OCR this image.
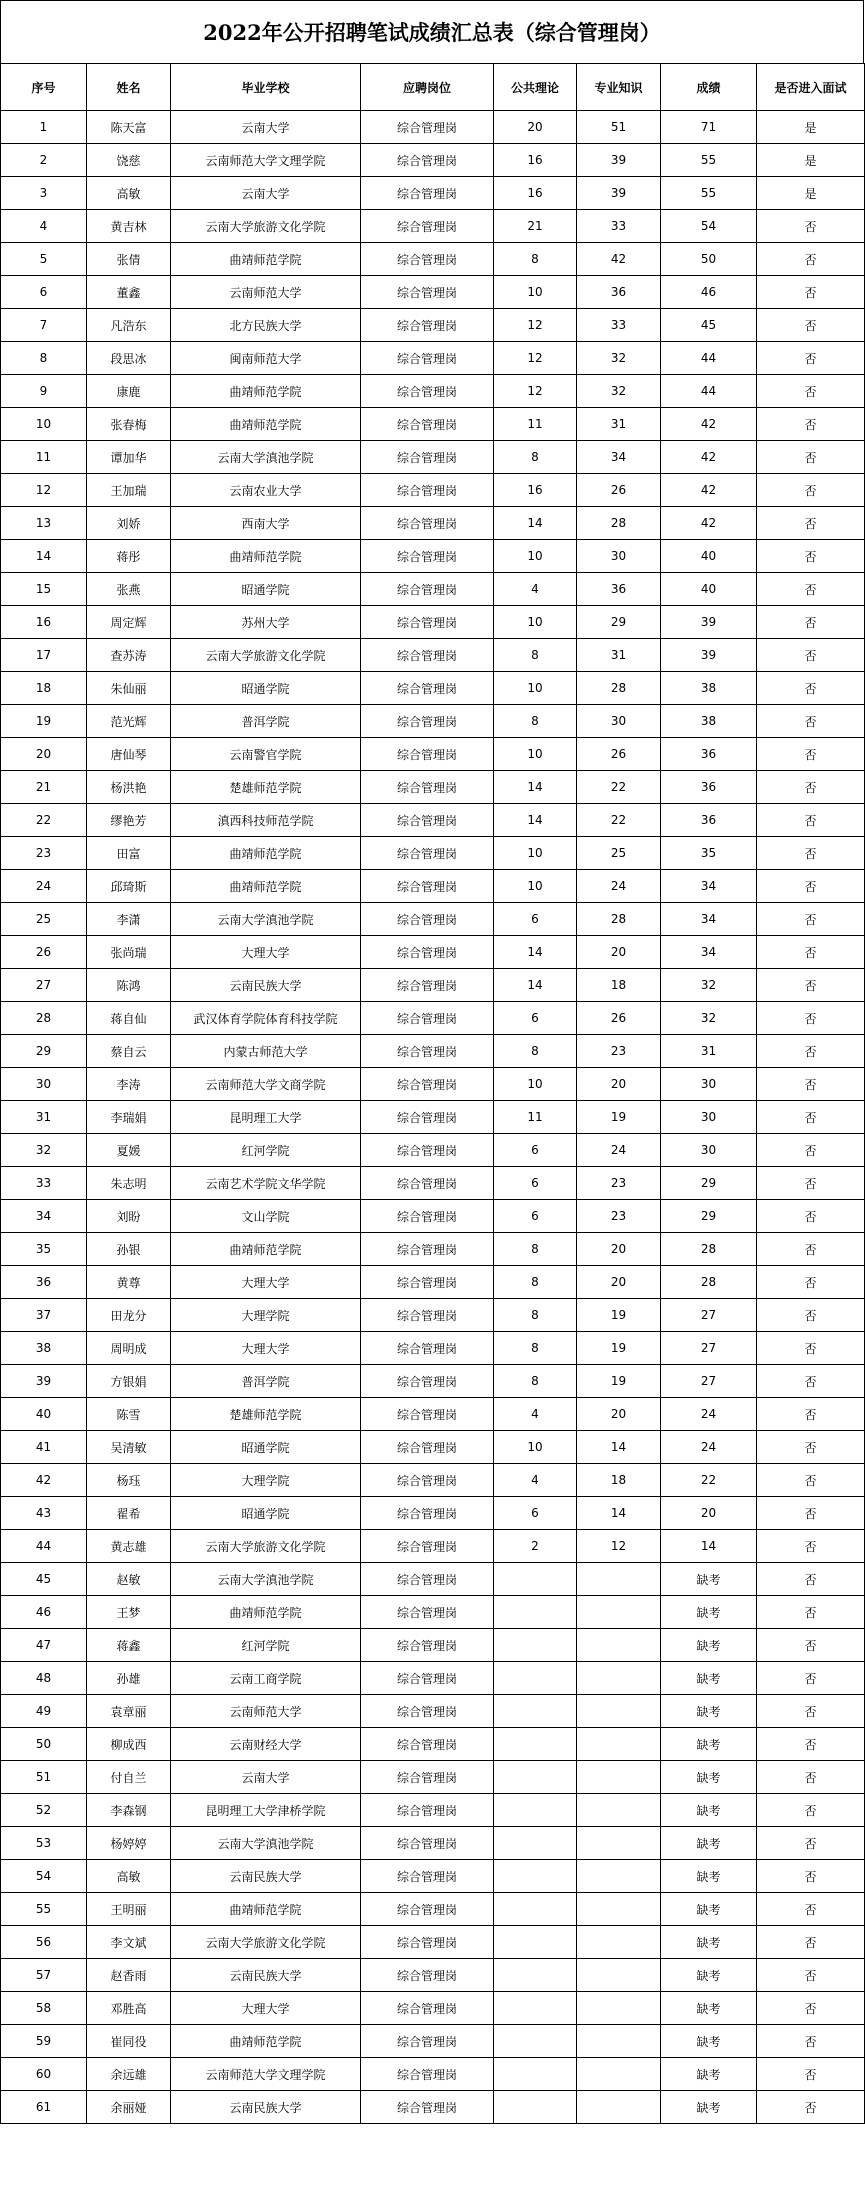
2022年公开招聘笔试成绩汇总表（综合管理岗）
序号	姓名	毕业学校	应聘岗位	公共理论	专业知识	成绩	是否进入面试
1	陈天富	云南大学	综合管理岗	20	51	71	是
2	饶慈	云南师范大学文理学院	综合管理岗	16	39	55	是
3	高敏	云南大学	综合管理岗	16	39	55	是
4	黄吉林	云南大学旅游文化学院	综合管理岗	21	33	54	否
5	张倩	曲靖师范学院	综合管理岗	8	42	50	否
6	董鑫	云南师范大学	综合管理岗	10	36	46	否
7	凡浩东	北方民族大学	综合管理岗	12	33	45	否
8	段思冰	闽南师范大学	综合管理岗	12	32	44	否
9	康鹿	曲靖师范学院	综合管理岗	12	32	44	否
10	张春梅	曲靖师范学院	综合管理岗	11	31	42	否
11	谭加华	云南大学滇池学院	综合管理岗	8	34	42	否
12	王加瑞	云南农业大学	综合管理岗	16	26	42	否
13	刘娇	西南大学	综合管理岗	14	28	42	否
14	蒋彤	曲靖师范学院	综合管理岗	10	30	40	否
15	张燕	昭通学院	综合管理岗	4	36	40	否
16	周定辉	苏州大学	综合管理岗	10	29	39	否
17	查苏涛	云南大学旅游文化学院	综合管理岗	8	31	39	否
18	朱仙丽	昭通学院	综合管理岗	10	28	38	否
19	范光辉	普洱学院	综合管理岗	8	30	38	否
20	唐仙琴	云南警官学院	综合管理岗	10	26	36	否
21	杨洪艳	楚雄师范学院	综合管理岗	14	22	36	否
22	缪艳芳	滇西科技师范学院	综合管理岗	14	22	36	否
23	田富	曲靖师范学院	综合管理岗	10	25	35	否
24	邱琦斯	曲靖师范学院	综合管理岗	10	24	34	否
25	李潇	云南大学滇池学院	综合管理岗	6	28	34	否
26	张尚瑞	大理大学	综合管理岗	14	20	34	否
27	陈鸿	云南民族大学	综合管理岗	14	18	32	否
28	蒋自仙	武汉体育学院体育科技学院	综合管理岗	6	26	32	否
29	蔡自云	内蒙古师范大学	综合管理岗	8	23	31	否
30	李涛	云南师范大学文商学院	综合管理岗	10	20	30	否
31	李瑞娟	昆明理工大学	综合管理岗	11	19	30	否
32	夏媛	红河学院	综合管理岗	6	24	30	否
33	朱志明	云南艺术学院文华学院	综合管理岗	6	23	29	否
34	刘盼	文山学院	综合管理岗	6	23	29	否
35	孙银	曲靖师范学院	综合管理岗	8	20	28	否
36	黄尊	大理大学	综合管理岗	8	20	28	否
37	田龙分	大理学院	综合管理岗	8	19	27	否
38	周明成	大理大学	综合管理岗	8	19	27	否
39	方银娟	普洱学院	综合管理岗	8	19	27	否
40	陈雪	楚雄师范学院	综合管理岗	4	20	24	否
41	吴清敏	昭通学院	综合管理岗	10	14	24	否
42	杨珏	大理学院	综合管理岗	4	18	22	否
43	翟希	昭通学院	综合管理岗	6	14	20	否
44	黄志雄	云南大学旅游文化学院	综合管理岗	2	12	14	否
45	赵敏	云南大学滇池学院	综合管理岗			缺考	否
46	王梦	曲靖师范学院	综合管理岗			缺考	否
47	蒋鑫	红河学院	综合管理岗			缺考	否
48	孙雄	云南工商学院	综合管理岗			缺考	否
49	袁章丽	云南师范大学	综合管理岗			缺考	否
50	柳成西	云南财经大学	综合管理岗			缺考	否
51	付自兰	云南大学	综合管理岗			缺考	否
52	李森钢	昆明理工大学津桥学院	综合管理岗			缺考	否
53	杨婷婷	云南大学滇池学院	综合管理岗			缺考	否
54	高敏	云南民族大学	综合管理岗			缺考	否
55	王明丽	曲靖师范学院	综合管理岗			缺考	否
56	李文斌	云南大学旅游文化学院	综合管理岗			缺考	否
57	赵香雨	云南民族大学	综合管理岗			缺考	否
58	邓胜高	大理大学	综合管理岗			缺考	否
59	崔同役	曲靖师范学院	综合管理岗			缺考	否
60	余远雄	云南师范大学文理学院	综合管理岗			缺考	否
61	余丽娅	云南民族大学	综合管理岗			缺考	否
